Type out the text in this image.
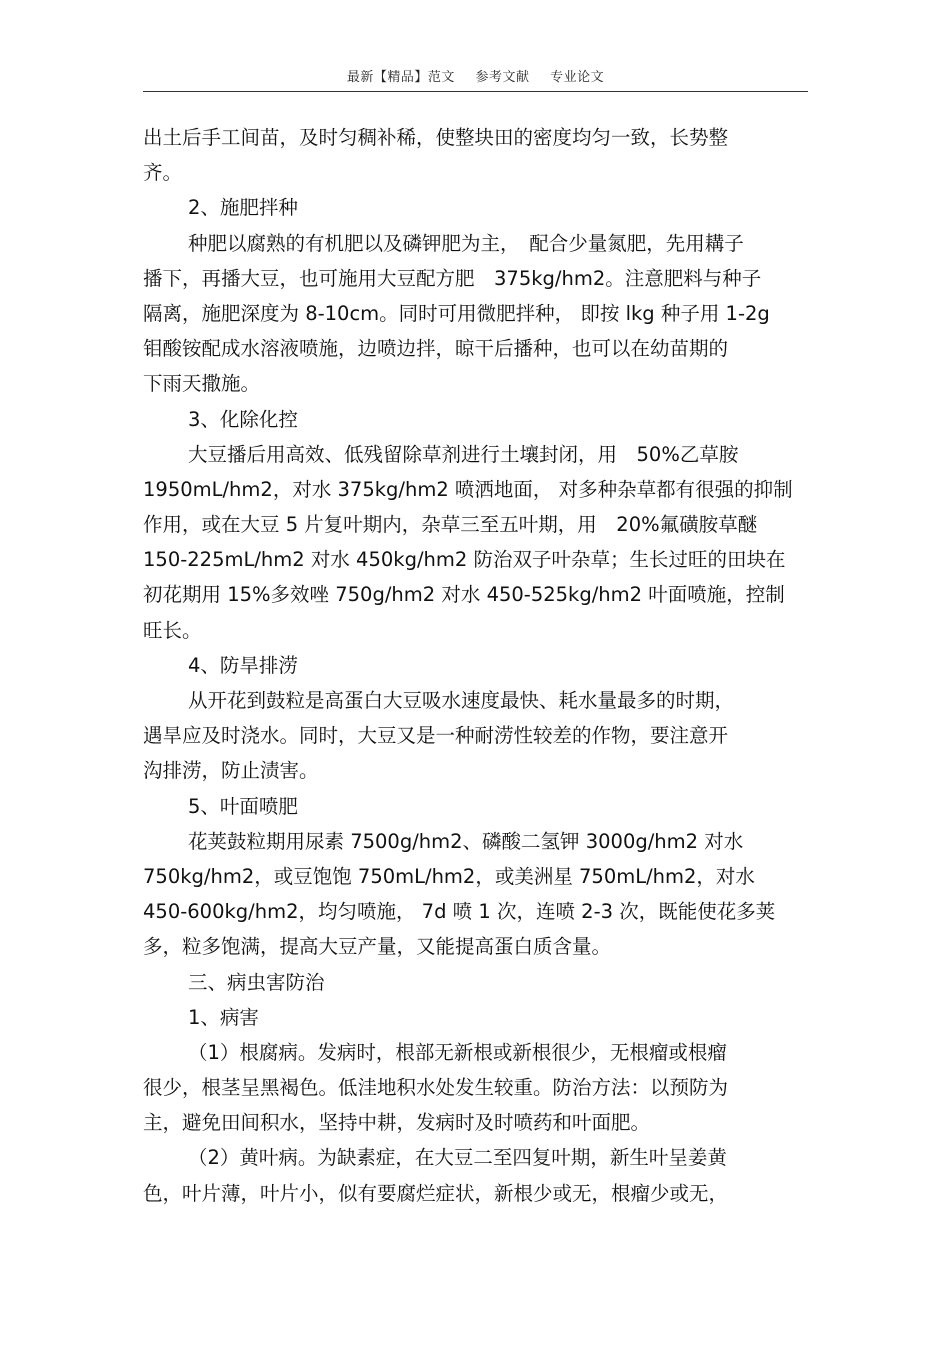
最新【精品】范文 参考文献 专业论文
出土后手工间苗，及时匀稠补稀，使整块田的密度均匀一致，长势整
齐。
2、施肥拌种
种肥以腐熟的有机肥以及磷钾肥为主，　配合少量氮肥，先用耩子
播下，再播大豆，也可施用大豆配方肥　375kg/hm2。注意肥料与种子
隔离，施肥深度为 8-10cm。同时可用微肥拌种， 即按 lkg 种子用 1-2g
钼酸铵配成水溶液喷施，边喷边拌，晾干后播种，也可以在幼苗期的
下雨天撒施。
3、化除化控
大豆播后用高效、低残留除草剂进行土壤封闭，用　50%乙草胺
1950mL/hm2，对水 375kg/hm2 喷洒地面， 对多种杂草都有很强的抑制
作用，或在大豆 5 片复叶期内，杂草三至五叶期，用　20%氟磺胺草醚
150-225mL/hm2 对水 450kg/hm2 防治双子叶杂草；生长过旺的田块在
初花期用 15%多效唑 750g/hm2 对水 450-525kg/hm2 叶面喷施，控制
旺长。
4、防旱排涝
从开花到鼓粒是高蛋白大豆吸水速度最快、耗水量最多的时期，
遇旱应及时浇水。同时，大豆又是一种耐涝性较差的作物，要注意开
沟排涝，防止渍害。
5、叶面喷肥
花荚鼓粒期用尿素 7500g/hm2、磷酸二氢钾 3000g/hm2 对水
750kg/hm2，或豆饱饱 750mL/hm2，或美洲星 750mL/hm2，对水
450-600kg/hm2，均匀喷施， 7d 喷 1 次，连喷 2-3 次，既能使花多荚
多，粒多饱满，提高大豆产量，又能提高蛋白质含量。
三、病虫害防治
1、病害
（1）根腐病。发病时，根部无新根或新根很少，无根瘤或根瘤
很少，根茎呈黑褐色。低洼地积水处发生较重。防治方法：以预防为
主，避免田间积水，坚持中耕，发病时及时喷药和叶面肥。
（2）黄叶病。为缺素症，在大豆二至四复叶期，新生叶呈姜黄
色，叶片薄，叶片小，似有要腐烂症状，新根少或无，根瘤少或无，
